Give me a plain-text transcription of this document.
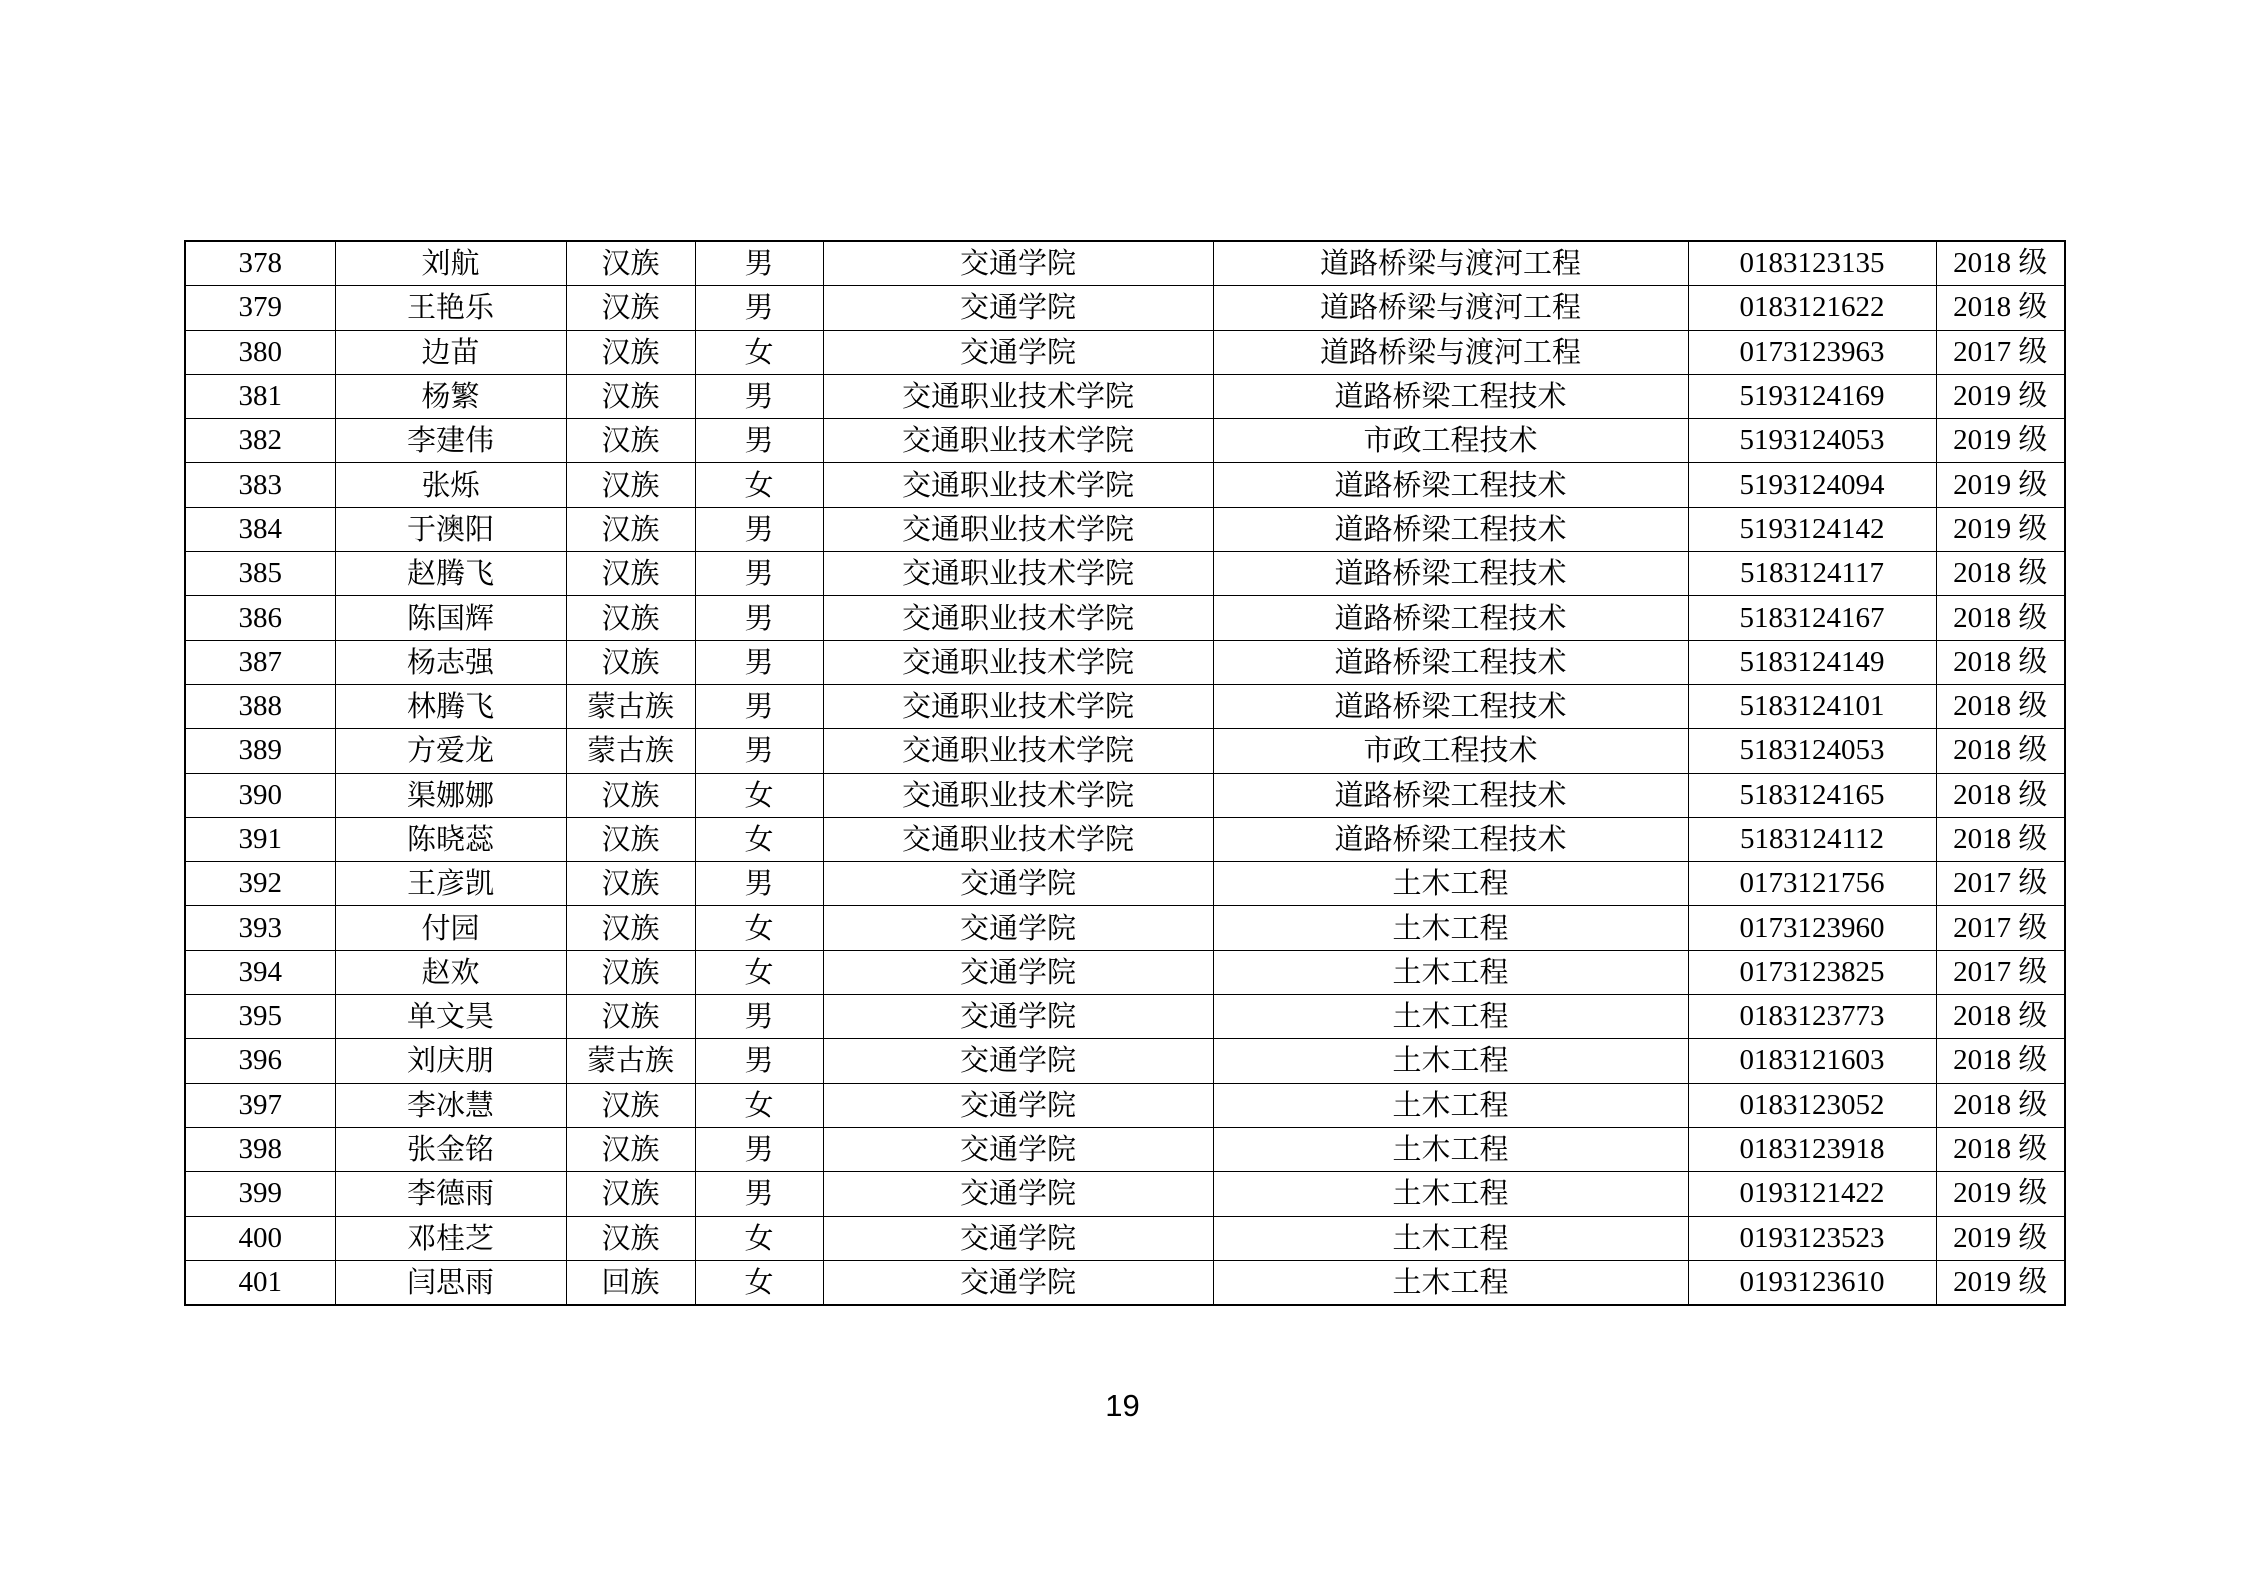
378	刘航	汉族	男	交通学院	道路桥梁与渡河工程	0183123135	2018 级
379	王艳乐	汉族	男	交通学院	道路桥梁与渡河工程	0183121622	2018 级
380	边苗	汉族	女	交通学院	道路桥梁与渡河工程	0173123963	2017 级
381	杨繁	汉族	男	交通职业技术学院	道路桥梁工程技术	5193124169	2019 级
382	李建伟	汉族	男	交通职业技术学院	市政工程技术	5193124053	2019 级
383	张烁	汉族	女	交通职业技术学院	道路桥梁工程技术	5193124094	2019 级
384	于澳阳	汉族	男	交通职业技术学院	道路桥梁工程技术	5193124142	2019 级
385	赵腾飞	汉族	男	交通职业技术学院	道路桥梁工程技术	5183124117	2018 级
386	陈国辉	汉族	男	交通职业技术学院	道路桥梁工程技术	5183124167	2018 级
387	杨志强	汉族	男	交通职业技术学院	道路桥梁工程技术	5183124149	2018 级
388	林腾飞	蒙古族	男	交通职业技术学院	道路桥梁工程技术	5183124101	2018 级
389	方爱龙	蒙古族	男	交通职业技术学院	市政工程技术	5183124053	2018 级
390	渠娜娜	汉族	女	交通职业技术学院	道路桥梁工程技术	5183124165	2018 级
391	陈晓蕊	汉族	女	交通职业技术学院	道路桥梁工程技术	5183124112	2018 级
392	王彦凯	汉族	男	交通学院	土木工程	0173121756	2017 级
393	付园	汉族	女	交通学院	土木工程	0173123960	2017 级
394	赵欢	汉族	女	交通学院	土木工程	0173123825	2017 级
395	单文昊	汉族	男	交通学院	土木工程	0183123773	2018 级
396	刘庆朋	蒙古族	男	交通学院	土木工程	0183121603	2018 级
397	李冰慧	汉族	女	交通学院	土木工程	0183123052	2018 级
398	张金铭	汉族	男	交通学院	土木工程	0183123918	2018 级
399	李德雨	汉族	男	交通学院	土木工程	0193121422	2019 级
400	邓桂芝	汉族	女	交通学院	土木工程	0193123523	2019 级
401	闫思雨	回族	女	交通学院	土木工程	0193123610	2019 级
19
